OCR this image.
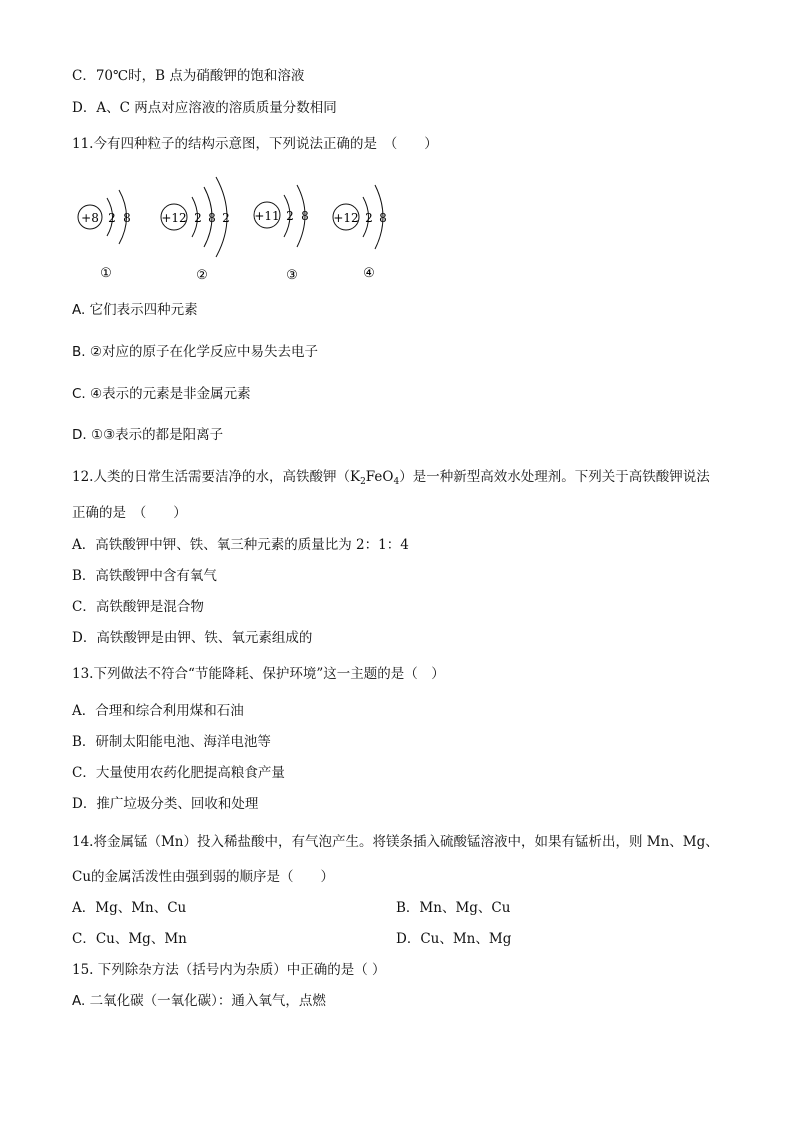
C．70℃时，B 点为硝酸钾的饱和溶液
D．A、C 两点对应溶液的溶质质量分数相同
11.今有四种粒子的结构示意图，下列说法正确的是　（　　）
+8 2 8
①
+12 2 8 2
②
+11 2 8
③
+12 2 8
④
A. 它们表示四种元素
B. ②对应的原子在化学反应中易失去电子
C. ④表示的元素是非金属元素
D. ①③表示的都是阳离子
12.人类的日常生活需要洁净的水，高铁酸钾$(K_2FeO_4)$是一种新型高效水处理剂。下列关于高铁酸钾说法
正确的是　（　　）
A．高铁酸钾中钾、铁、氧三种元素的质量比为 2：1：4
B．高铁酸钾中含有氧气
C．高铁酸钾是混合物
D．高铁酸钾是由钾、铁、氧元素组成的
13.下列做法不符合“节能降耗、保护环境”这一主题的是（　）
A．合理和综合利用煤和石油
B．研制太阳能电池、海洋电池等
C．大量使用农药化肥提高粮食产量
D．推广垃圾分类、回收和处理
14.将金属锰（Mn）投入稀盐酸中，有气泡产生。将镁条插入硫酸锰溶液中，如果有锰析出，则 Mn、Mg、
Cu的金属活泼性由强到弱的顺序是（　　）
A．Mg、Mn、Cu	B．Mn、Mg、Cu
C．Cu、Mg、Mn	D．Cu、Mn、Mg
15. 下列除杂方法（括号内为杂质）中正确的是（ ）
A. 二氧化碳（一氧化碳）：通入氧气，点燃
